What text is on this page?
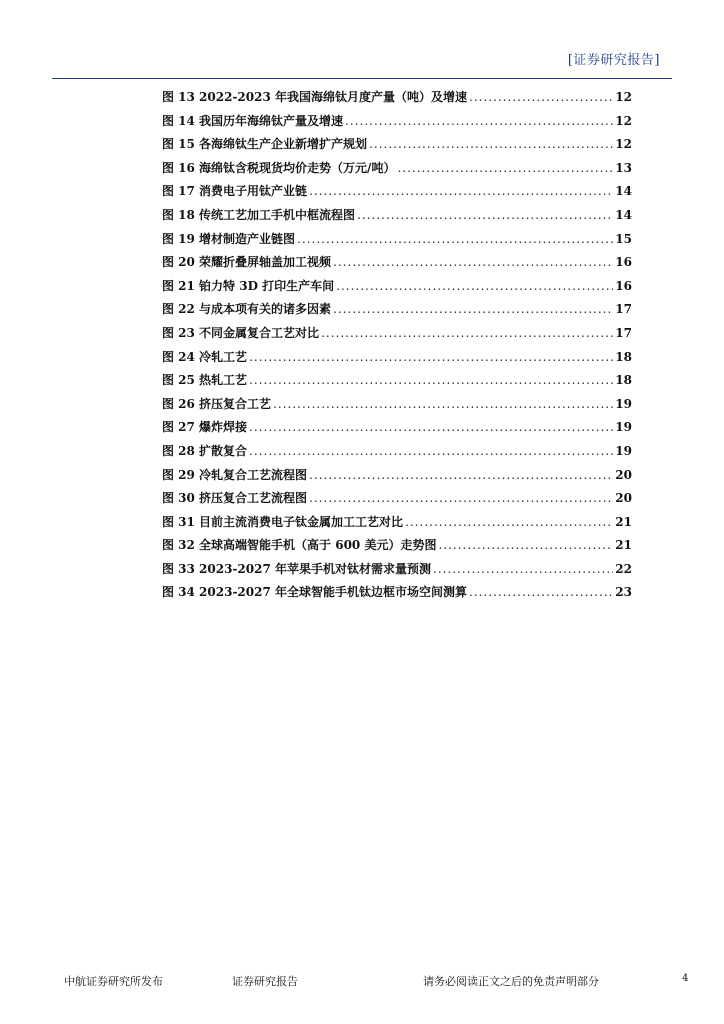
[证券研究报告]
图 13 2022-2023 年我国海绵钛月度产量（吨）及增速 .....	12
图 14 我国历年海绵钛产量及增速 .....	12
图 15 各海绵钛生产企业新增扩产规划 .....	12
图 16 海绵钛含税现货均价走势（万元/吨） .....	13
图 17 消费电子用钛产业链 .....	14
图 18 传统工艺加工手机中框流程图 .....	14
图 19 增材制造产业链图 .....	15
图 20 荣耀折叠屏轴盖加工视频 .....	16
图 21 铂力特 3D 打印生产车间 .....	16
图 22 与成本项有关的诸多因素 .....	17
图 23 不同金属复合工艺对比 .....	17
图 24 冷轧工艺 .....	18
图 25 热轧工艺 .....	18
图 26 挤压复合工艺 .....	19
图 27 爆炸焊接 .....	19
图 28 扩散复合 .....	19
图 29 冷轧复合工艺流程图 .....	20
图 30 挤压复合工艺流程图 .....	20
图 31 目前主流消费电子钛金属加工工艺对比 .....	21
图 32 全球高端智能手机（高于 600 美元）走势图 .....	21
图 33 2023-2027 年苹果手机对钛材需求量预测 .....	22
图 34 2023-2027 年全球智能手机钛边框市场空间测算 .....	23
中航证券研究所发布	证券研究报告	请务必阅读正文之后的免责声明部分	4
